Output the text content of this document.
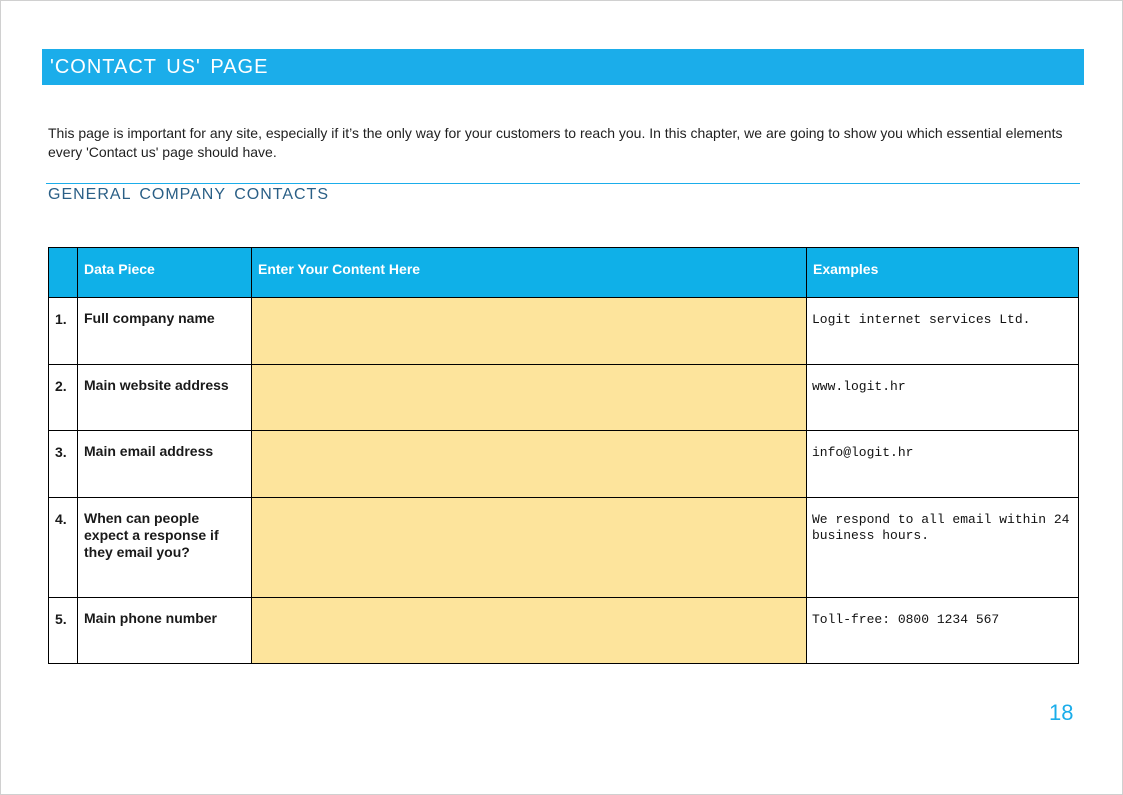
'CONTACT US' PAGE
This page is important for any site, especially if it’s the only way for your customers to reach you. In this chapter, we are going to show you which essential elements every 'Contact us' page should have.
GENERAL COMPANY CONTACTS
	Data Piece	Enter Your Content Here	Examples
1.	Full company name		Logit internet services Ltd.
2.	Main website address		www.logit.hr
3.	Main email address		info@logit.hr
4.	When can people expect a response if they email you?		We respond to all email within 24 business hours.
5.	Main phone number		Toll-free: 0800 1234 567
18
